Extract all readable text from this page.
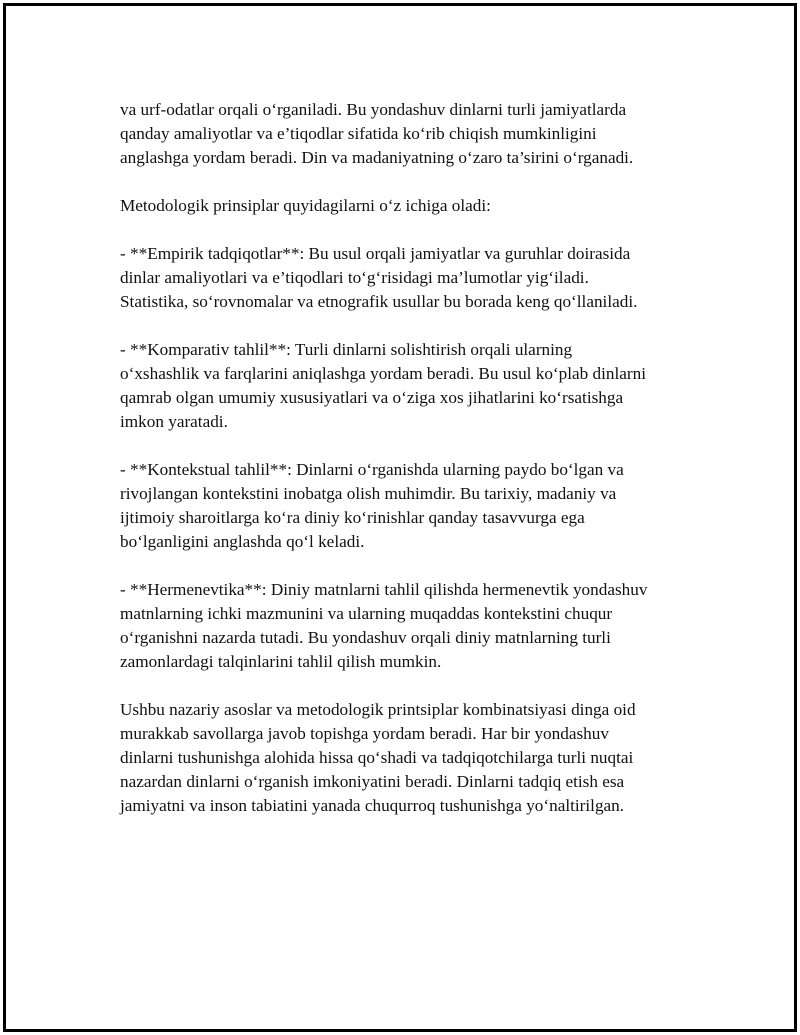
va urf-odatlar orqali o‘rganiladi. Bu yondashuv dinlarni turli jamiyatlarda
qanday amaliyotlar va e’tiqodlar sifatida ko‘rib chiqish mumkinligini
anglashga yordam beradi. Din va madaniyatning o‘zaro ta’sirini o‘rganadi.

Metodologik prinsiplar quyidagilarni o‘z ichiga oladi:

- **Empirik tadqiqotlar**: Bu usul orqali jamiyatlar va guruhlar doirasida
dinlar amaliyotlari va e’tiqodlari to‘g‘risidagi ma’lumotlar yig‘iladi.
Statistika, so‘rovnomalar va etnografik usullar bu borada keng qo‘llaniladi.

- **Komparativ tahlil**: Turli dinlarni solishtirish orqali ularning
o‘xshashlik va farqlarini aniqlashga yordam beradi. Bu usul ko‘plab dinlarni
qamrab olgan umumiy xususiyatlari va o‘ziga xos jihatlarini ko‘rsatishga
imkon yaratadi.

- **Kontekstual tahlil**: Dinlarni o‘rganishda ularning paydo bo‘lgan va
rivojlangan kontekstini inobatga olish muhimdir. Bu tarixiy, madaniy va
ijtimoiy sharoitlarga ko‘ra diniy ko‘rinishlar qanday tasavvurga ega
bo‘lganligini anglashda qo‘l keladi.

- **Hermenevtika**: Diniy matnlarni tahlil qilishda hermenevtik yondashuv
matnlarning ichki mazmunini va ularning muqaddas kontekstini chuqur
o‘rganishni nazarda tutadi. Bu yondashuv orqali diniy matnlarning turli
zamonlardagi talqinlarini tahlil qilish mumkin.

Ushbu nazariy asoslar va metodologik printsiplar kombinatsiyasi dinga oid
murakkab savollarga javob topishga yordam beradi. Har bir yondashuv
dinlarni tushunishga alohida hissa qo‘shadi va tadqiqotchilarga turli nuqtai
nazardan dinlarni o‘rganish imkoniyatini beradi. Dinlarni tadqiq etish esa
jamiyatni va inson tabiatini yanada chuqurroq tushunishga yo‘naltirilgan.
